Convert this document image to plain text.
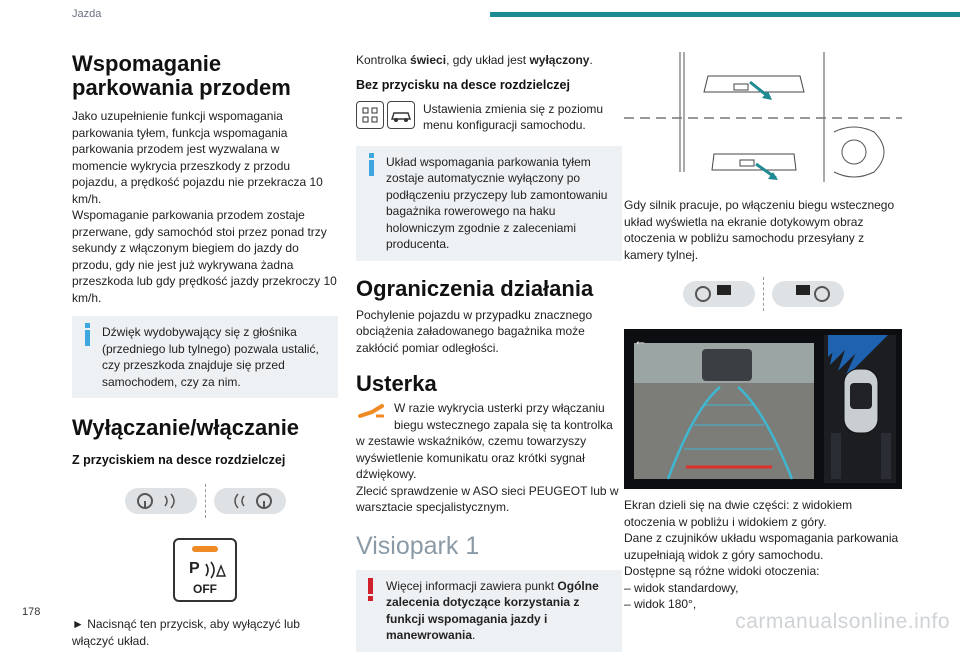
Jazda
Wspomaganie parkowania przodem

Jako uzupełnienie funkcji wspomagania parkowania tyłem, funkcja wspomagania parkowania przodem jest wyzwalana w momencie wykrycia przeszkody z przodu pojazdu, a prędkość pojazdu nie przekracza 10 km/h.

Wspomaganie parkowania przodem zostaje przerwane, gdy samochód stoi przez ponad trzy sekundy z włączonym biegiem do jazdy do przodu, gdy nie jest już wykrywana żadna przeszkoda lub gdy prędkość jazdy przekroczy 10 km/h.

Dźwięk wydobywający się z głośnika (przedniego lub tylnego) pozwala ustalić, czy przeszkoda znajduje się przed samochodem, czy za nim.

Wyłączanie/włączanie
Z przyciskiem na desce rozdzielczej
P
OFF

► Nacisnąć ten przycisk, aby wyłączyć lub włączyć układ.

Kontrolka świeci, gdy układ jest wyłączony.

Bez przycisku na desce rozdzielczej

Ustawienia zmienia się z poziomu menu konfiguracji samochodu.

Układ wspomagania parkowania tyłem zostaje automatycznie wyłączony po podłączeniu przyczepy lub zamontowaniu bagażnika rowerowego na haku holowniczym zgodnie z zaleceniami producenta.

Ograniczenia działania

Pochylenie pojazdu w przypadku znacznego obciążenia załadowanego bagażnika może zakłócić pomiar odległości.

Usterka

W razie wykrycia usterki przy włączaniu biegu wstecznego zapala się ta kontrolka w zestawie wskaźników, czemu towarzyszy wyświetlenie komunikatu oraz krótki sygnał dźwiękowy.

Zlecić sprawdzenie w ASO sieci PEUGEOT lub w warsztacie specjalistycznym.

Visiopark 1

Więcej informacji zawiera punkt Ogólne zalecenia dotyczące korzystania z funkcji wspomagania jazdy i manewrowania.

Gdy silnik pracuje, po włączeniu biegu wstecznego układ wyświetla na ekranie dotykowym obraz otoczenia w pobliżu samochodu przesyłany z kamery tylnej.

←

Ekran dzieli się na dwie części: z widokiem otoczenia w pobliżu i widokiem z góry.

Dane z czujników układu wspomagania parkowania uzupełniają widok z góry samochodu.

Dostępne są różne widoki otoczenia:

– widok standardowy,

– widok 180°,

178	carmanualsonline.info
